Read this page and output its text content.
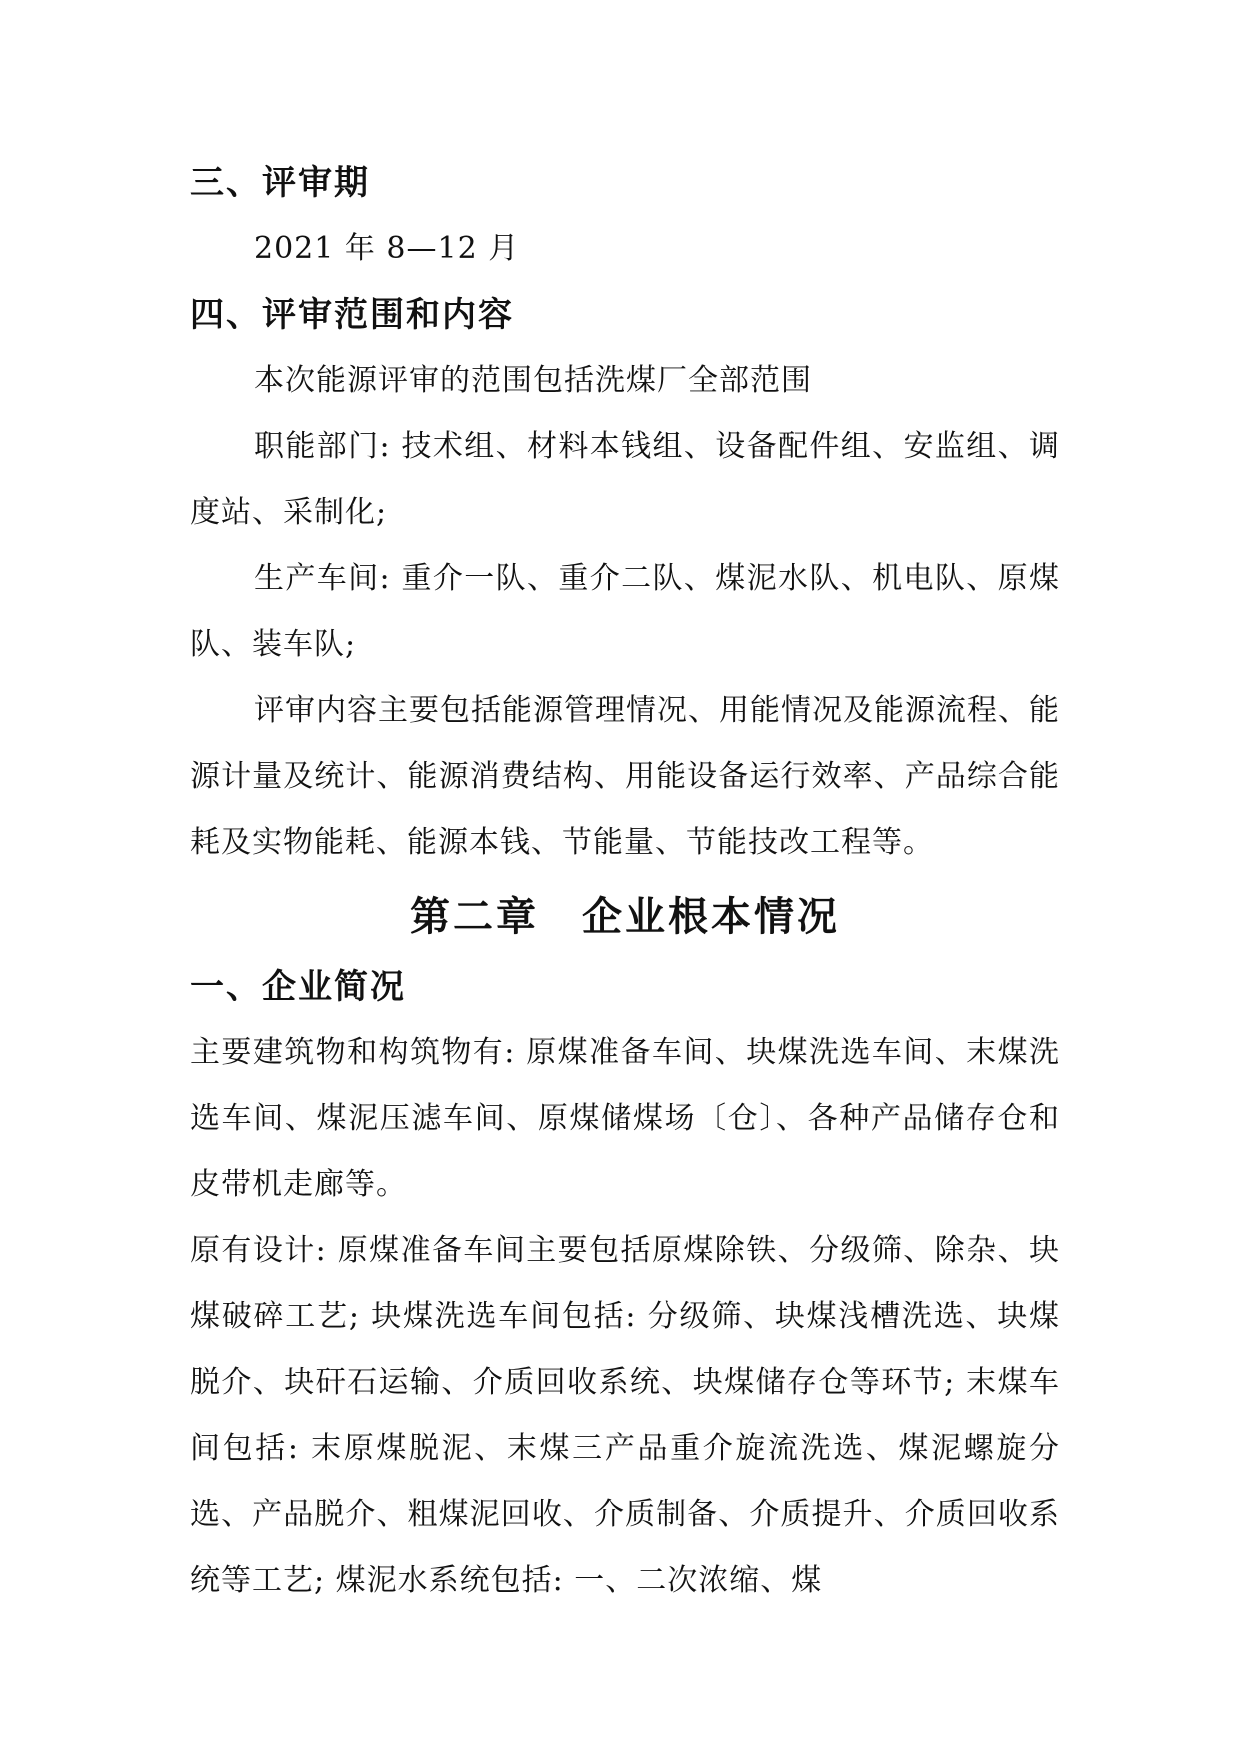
三、评审期

2021 年 8—12 月

四、评审范围和内容

本次能源评审的范围包括洗煤厂全部范围

职能部门: 技术组、材料本钱组、设备配件组、安监组、调度站、采制化;

生产车间: 重介一队、重介二队、煤泥水队、机电队、原煤队、装车队;

评审内容主要包括能源管理情况、用能情况及能源流程、能源计量及统计、能源消费结构、用能设备运行效率、产品综合能耗及实物能耗、能源本钱、节能量、节能技改工程等。

第二章　企业根本情况
一、企业简况

主要建筑物和构筑物有: 原煤准备车间、块煤洗选车间、末煤洗选车间、煤泥压滤车间、原煤储煤场〔仓〕、各种产品储存仓和皮带机走廊等。

原有设计: 原煤准备车间主要包括原煤除铁、分级筛、除杂、块煤破碎工艺; 块煤洗选车间包括: 分级筛、块煤浅槽洗选、块煤脱介、块矸石运输、介质回收系统、块煤储存仓等环节; 末煤车间包括: 末原煤脱泥、末煤三产品重介旋流洗选、煤泥螺旋分选、产品脱介、粗煤泥回收、介质制备、介质提升、介质回收系统等工艺; 煤泥水系统包括: 一、二次浓缩、煤
